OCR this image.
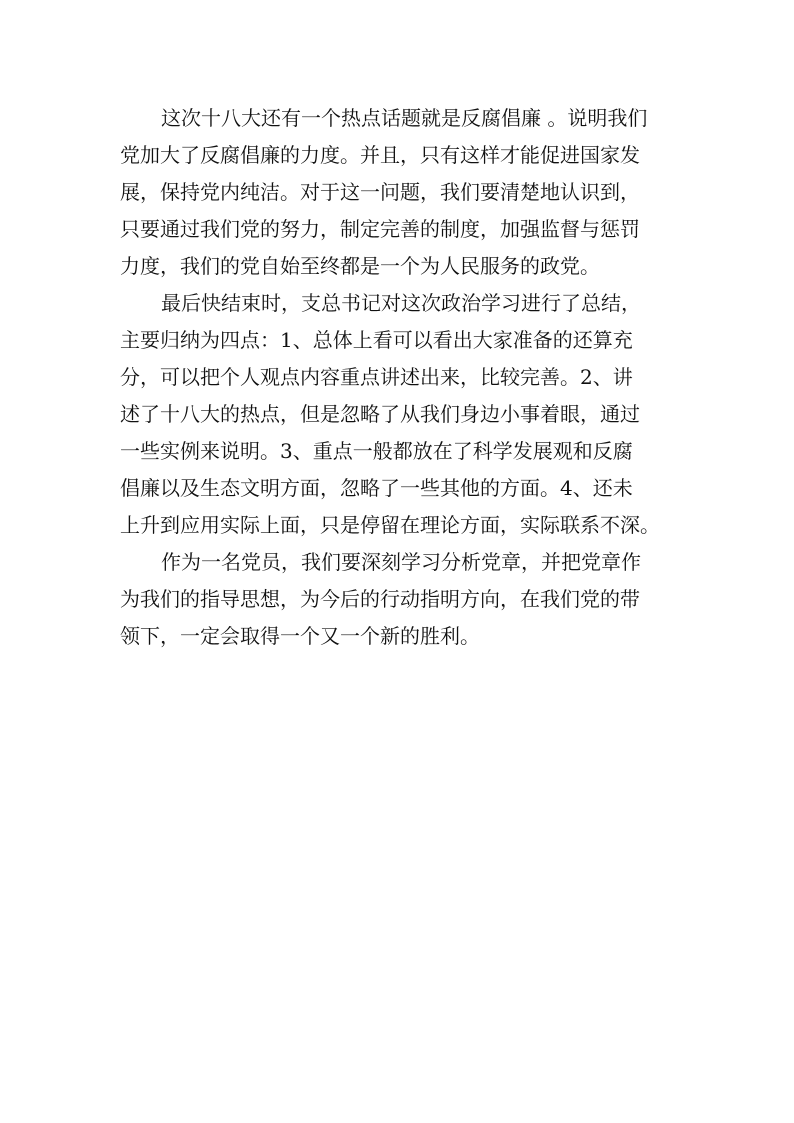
这次十八大还有一个热点话题就是反腐倡廉 。说明我们
党加大了反腐倡廉的力度。并且，只有这样才能促进国家发
展，保持党内纯洁。对于这一问题，我们要清楚地认识到，
只要通过我们党的努力，制定完善的制度，加强监督与惩罚
力度，我们的党自始至终都是一个为人民服务的政党。
最后快结束时，支总书记对这次政治学习进行了总结，
主要归纳为四点：1、总体上看可以看出大家准备的还算充
分，可以把个人观点内容重点讲述出来，比较完善。2、讲
述了十八大的热点，但是忽略了从我们身边小事着眼，通过
一些实例来说明。3、重点一般都放在了科学发展观和反腐
倡廉以及生态文明方面，忽略了一些其他的方面。4、还未
上升到应用实际上面，只是停留在理论方面，实际联系不深。
作为一名党员，我们要深刻学习分析党章，并把党章作
为我们的指导思想，为今后的行动指明方向，在我们党的带
领下，一定会取得一个又一个新的胜利。
